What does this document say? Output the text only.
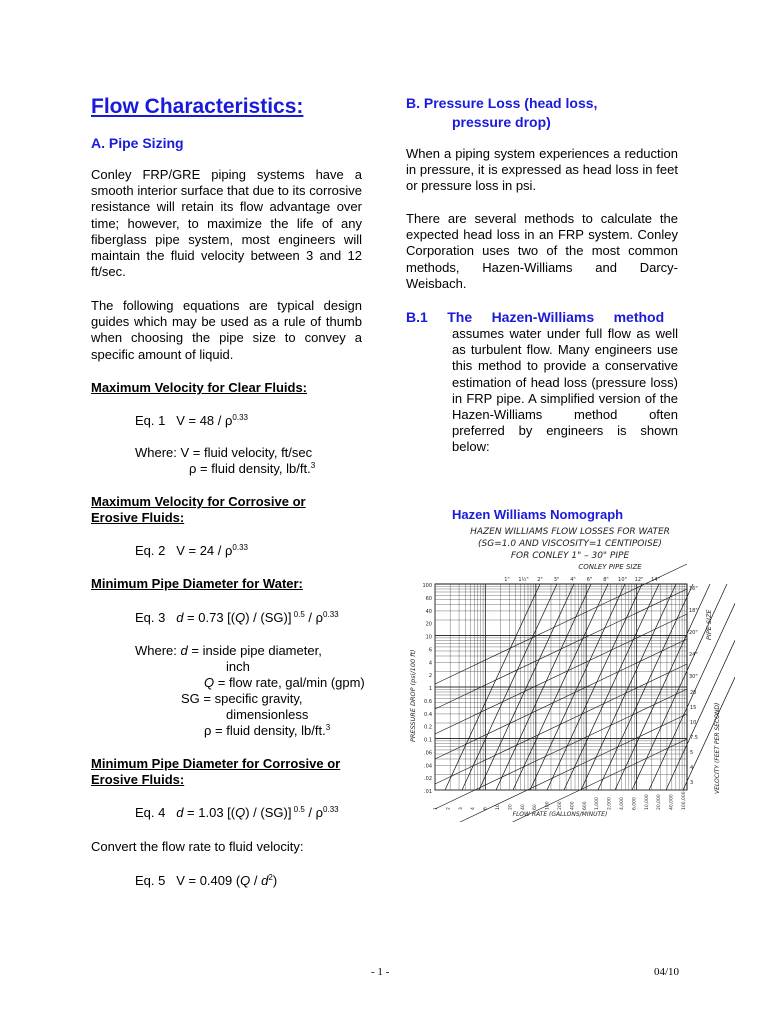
Flow Characteristics:
A. Pipe Sizing
Conley FRP/GRE piping systems have a smooth interior surface that due to its corrosive resistance will retain its flow advantage over time; however, to maximize the life of any fiberglass pipe system, most engineers will maintain the fluid velocity between 3 and 12 ft/sec.
The following equations are typical design guides which may be used as a rule of thumb when choosing the pipe size to convey a specific amount of liquid.
Maximum Velocity for Clear Fluids:
Eq. 1 $V = 48 / \rho^{0.33}$
Where: V = fluid velocity, ft/sec
ρ = fluid density, lb/ft.$^3$
Maximum Velocity for Corrosive or
Erosive Fluids:
Eq. 2 $V = 24 / \rho^{0.33}$
Minimum Pipe Diameter for Water:
Eq. 3 d = 0.73 [(Q) / (SG)] $^{0.5} / \rho^{0.33}$
Where: d = inside pipe diameter,
inch
Q = flow rate, gal/min (gpm)
SG = specific gravity,
dimensionless
ρ = fluid density, lb/ft.$^3$
Minimum Pipe Diameter for Corrosive or
Erosive Fluids:
Eq. 4 d = 1.03 [(Q) / (SG)] $^{0.5} / \rho^{0.33}$
Convert the flow rate to fluid velocity:
Eq. 5 V = 0.409 $(Q / d^2)$
B. Pressure Loss (head loss,
pressure drop)
When a piping system experiences a reduction in pressure, it is expressed as head loss in feet or pressure loss in psi.
There are several methods to calculate the expected head loss in an FRP system. Conley Corporation uses two of the most common methods, Hazen-Williams and Darcy-Weisbach.
B.1     The     Hazen-Williams     method
assumes water under full flow as well as turbulent flow. Many engineers use this method to provide a conservative estimation of head loss (pressure loss) in FRP pipe. A simplified version of the Hazen-Williams method often preferred by engineers is shown below:
Hazen Williams Nomograph
HAZEN WILLIAMS FLOW LOSSES FOR WATER
(SG=1.0 AND VISCOSITY=1 CENTIPOISE)
FOR CONLEY 1" – 30" PIPE
CONLEY PIPE SIZE
PRESSURE DROP (psi/100 ft)
FLOW RATE (GALLONS/MINUTE)
VELOCITY (FEET PER SECOND)
PIPE SIZE
100
60
40
20
10
6
4
2
1
0.6
0.4
0.2
0.1
.06
.04
.02
.01
1 2 3 4 6 10 20 40 60 100 200 400 600 1,000 2,000 4,000 6,000 10,000 20,000 40,000 100,000
1" 1½" 2" 3" 4" 6" 8" 10" 12" 14"
16"
18"
20"
24"
30"
20
15
10
7.5
5
4
3
- 1 -	04/10
